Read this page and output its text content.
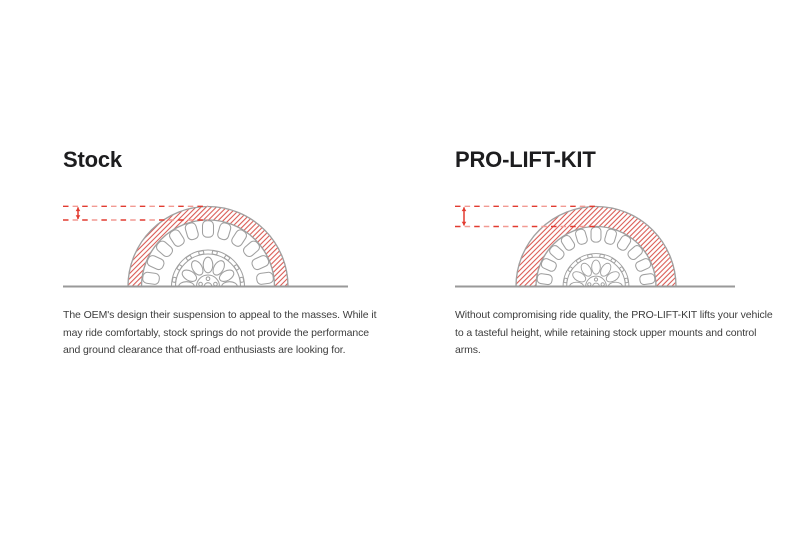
Stock

The OEM's design their suspension to appeal to the masses. While it
may ride comfortably, stock springs do not provide the performance
and ground clearance that off-road enthusiasts are looking for.

PRO-LIFT-KIT

Without compromising ride quality, the PRO-LIFT-KIT lifts your vehicle
to a tasteful height, while retaining stock upper mounts and control
arms.
